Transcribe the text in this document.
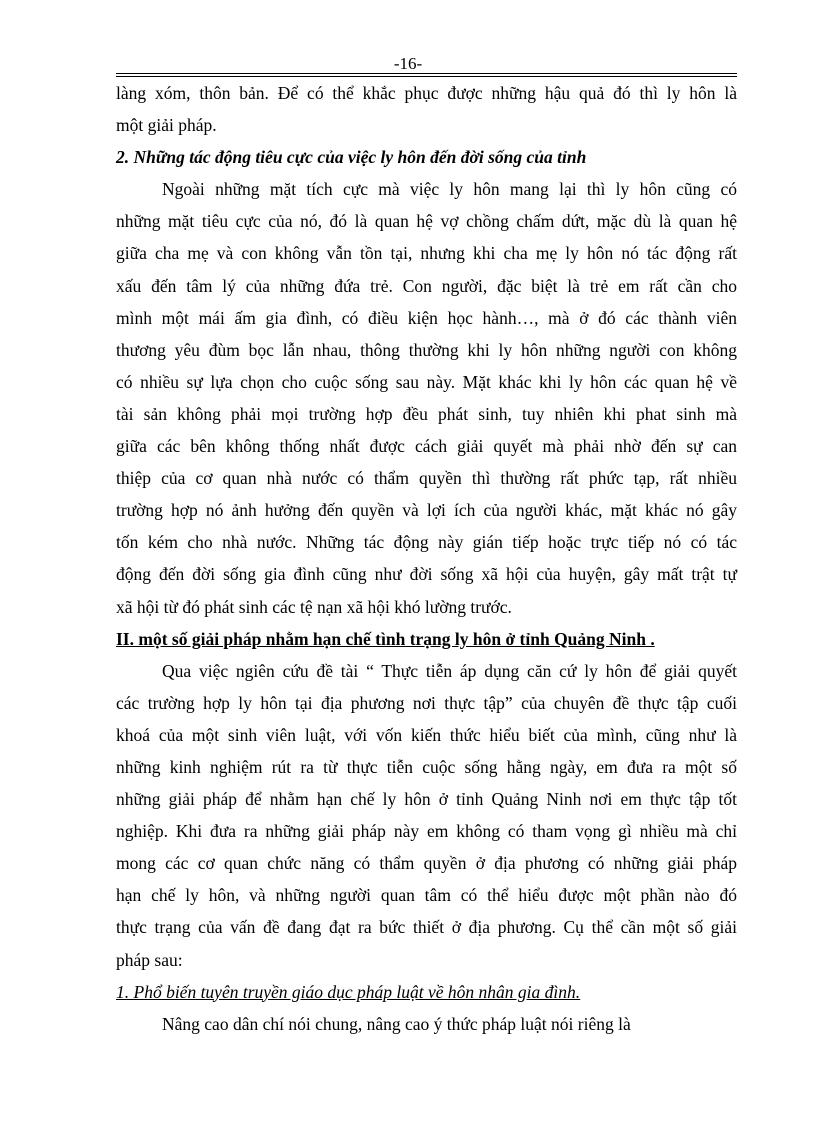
-16-
làng xóm, thôn bản. Để có thể khắc phục được những hậu quả đó thì ly hôn là
một giải pháp.
2. Những tác động tiêu cực của việc ly hôn đến đời sống của tỉnh
Ngoài những mặt tích cực mà việc ly hôn mang lại thì ly hôn cũng có
những mặt tiêu cực của nó, đó là quan hệ vợ chồng chấm dứt, mặc dù là quan hệ
giữa cha mẹ và con không vẫn tồn tại, nhưng khi cha mẹ ly hôn nó tác động rất
xấu đến tâm lý của những đứa trẻ. Con người, đặc biệt là trẻ em rất cần cho
mình một mái ấm gia đình, có điều kiện học hành…, mà ở đó các thành viên
thương yêu đùm bọc lẫn nhau, thông thường khi ly hôn những người con không
có nhiều sự lựa chọn cho cuộc sống sau này. Mặt khác khi ly hôn các quan hệ về
tài sản không phải mọi trường hợp đều phát sinh, tuy nhiên khi phat sinh mà
giữa các bên không thống nhất được cách giải quyết mà phải nhờ đến sự can
thiệp của cơ quan nhà nước có thẩm quyền thì thường rất phức tạp, rất nhiều
trường hợp nó ảnh hưởng đến quyền và lợi ích của người khác, mặt khác nó gây
tốn kém cho nhà nước. Những tác động này gián tiếp hoặc trực tiếp nó có tác
động đến đời sống gia đình cũng như đời sống xã hội của huyện, gây mất trật tự
xã hội từ đó phát sinh các tệ nạn xã hội khó lường trước.
II. một số giải pháp nhằm hạn chế tình trạng ly hôn ở tỉnh Quảng Ninh .
Qua việc ngiên cứu đề tài “ Thực tiễn áp dụng căn cứ ly hôn để giải quyết
các trường hợp ly hôn tại địa phương nơi thực tập” của chuyên đề thực tập cuối
khoá của một sinh viên luật, với vốn kiến thức hiểu biết của mình, cũng như là
những kinh nghiệm rút ra từ thực tiễn cuộc sống hằng ngày, em đưa ra một số
những giải pháp để nhằm hạn chế ly hôn ở tỉnh Quảng Ninh nơi em thực tập tốt
nghiệp. Khi đưa ra những giải pháp này em không có tham vọng gì nhiều mà chỉ
mong các cơ quan chức năng có thẩm quyền ở địa phương có những giải pháp
hạn chế ly hôn, và những người quan tâm có thể hiểu được một phần nào đó
thực trạng của vấn đề đang đạt ra bức thiết ở địa phương. Cụ thể cần một số giải
pháp sau:
1. Phổ biến tuyên truyền giáo dục pháp luật về hôn nhân gia đình.
Nâng cao dân chí nói chung, nâng cao ý thức pháp luật nói riêng là
